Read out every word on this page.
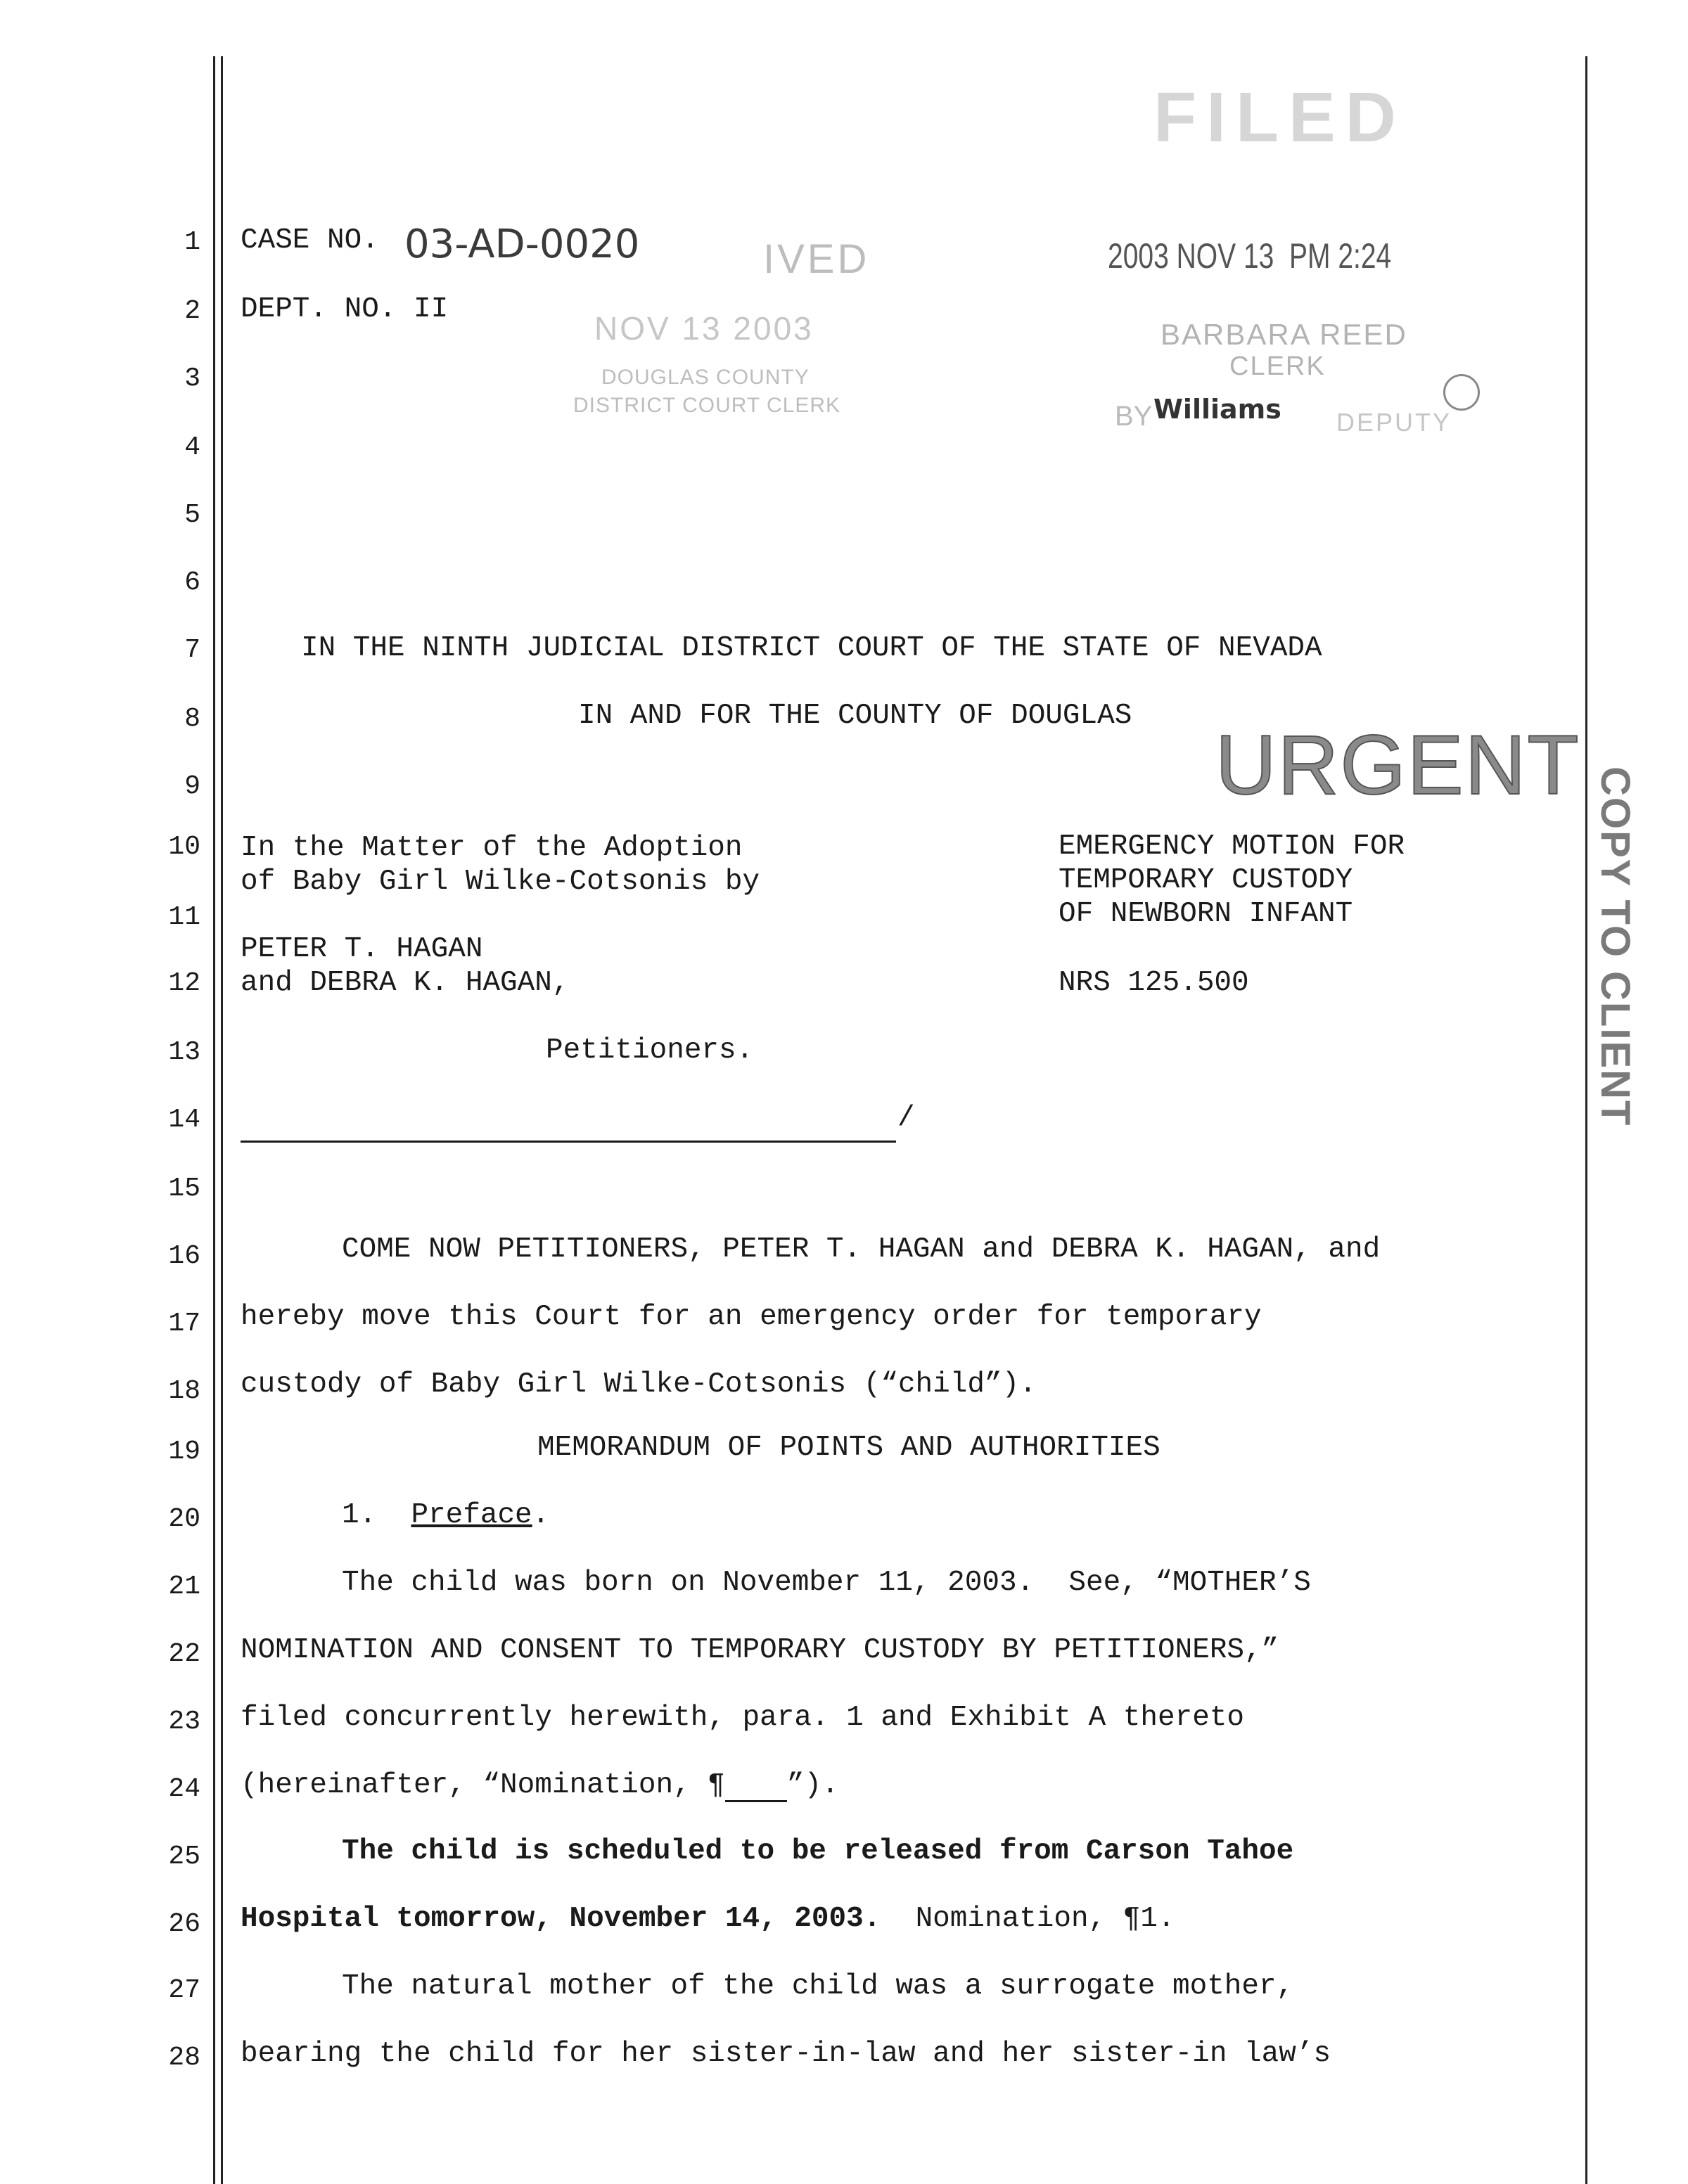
1
2
3
4
5
6
7
8
9
10
11
12
13
14
15
16
17
18
19
20
21
22
23
24
25
26
27
28
FILED
2003 NOV 13  PM 2:24
BARBARA REED
CLERK
BY Williams DEPUTY
IVED
NOV 13 2003
DOUGLAS COUNTY
DISTRICT COURT CLERK
URGENT
COPY TO CLIENT
CASE NO. 03-AD-0020
DEPT. NO. II
IN THE NINTH JUDICIAL DISTRICT COURT OF THE STATE OF NEVADA
IN AND FOR THE COUNTY OF DOUGLAS
In the Matter of the Adoption
of Baby Girl Wilke-Cotsonis by
PETER T. HAGAN
and DEBRA K. HAGAN,
Petitioners.
/
EMERGENCY MOTION FOR
TEMPORARY CUSTODY
OF NEWBORN INFANT
NRS 125.500
COME NOW PETITIONERS, PETER T. HAGAN and DEBRA K. HAGAN, and
hereby move this Court for an emergency order for temporary
custody of Baby Girl Wilke-Cotsonis (“child”).
MEMORANDUM OF POINTS AND AUTHORITIES
1. Preface.
The child was born on November 11, 2003.  See, “MOTHER’S
NOMINATION AND CONSENT TO TEMPORARY CUSTODY BY PETITIONERS,”
filed concurrently herewith, para. 1 and Exhibit A thereto
(hereinafter, “Nomination, ¶ ”).
The child is scheduled to be released from Carson Tahoe
Hospital tomorrow, November 14, 2003.  Nomination, ¶1.
The natural mother of the child was a surrogate mother,
bearing the child for her sister-in-law and her sister-in law’s
